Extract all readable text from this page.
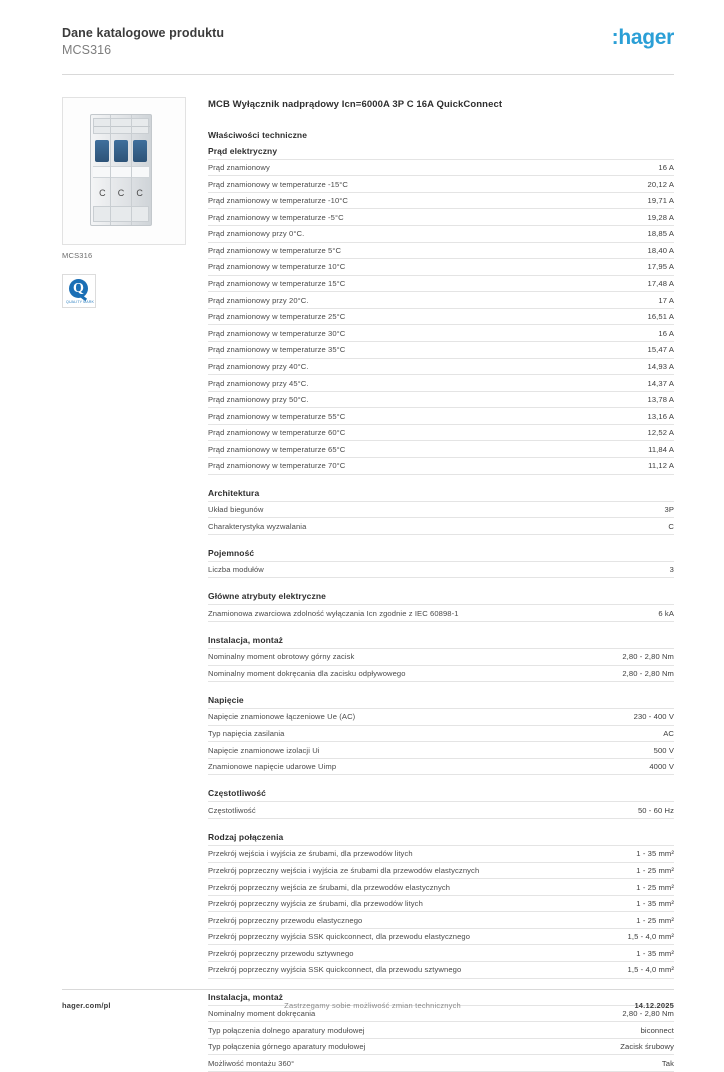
Dane katalogowe produktu
MCS316
:hager
C C C
MCS316
Q
QUALITY MARK
MCB Wyłącznik nadprądowy Icn=6000A 3P C 16A QuickConnect
Właściwości techniczne
Prąd elektryczny
Prąd znamionowy	16 A
Prąd znamionowy w temperaturze -15°C	20,12 A
Prąd znamionowy w temperaturze -10°C	19,71 A
Prąd znamionowy w temperaturze -5°C	19,28 A
Prąd znamionowy przy 0°C.	18,85 A
Prąd znamionowy w temperaturze 5°C	18,40 A
Prąd znamionowy w temperaturze 10°C	17,95 A
Prąd znamionowy w temperaturze 15°C	17,48 A
Prąd znamionowy przy 20°C.	17 A
Prąd znamionowy w temperaturze 25°C	16,51 A
Prąd znamionowy w temperaturze 30°C	16 A
Prąd znamionowy w temperaturze 35°C	15,47 A
Prąd znamionowy przy 40°C.	14,93 A
Prąd znamionowy przy 45°C.	14,37 A
Prąd znamionowy przy 50°C.	13,78 A
Prąd znamionowy w temperaturze 55°C	13,16 A
Prąd znamionowy w temperaturze 60°C	12,52 A
Prąd znamionowy w temperaturze 65°C	11,84 A
Prąd znamionowy w temperaturze 70°C	11,12 A
Architektura
Układ biegunów	3P
Charakterystyka wyzwalania	C
Pojemność
Liczba modułów	3
Główne atrybuty elektryczne
Znamionowa zwarciowa zdolność wyłączania Icn zgodnie z IEC 60898-1	6 kA
Instalacja, montaż
Nominalny moment obrotowy górny zacisk	2,80 - 2,80 Nm
Nominalny moment dokręcania dla zacisku odpływowego	2,80 - 2,80 Nm
Napięcie
Napięcie znamionowe łączeniowe Ue (AC)	230 - 400 V
Typ napięcia zasilania	AC
Napięcie znamionowe izolacji Ui	500 V
Znamionowe napięcie udarowe Uimp	4000 V
Częstotliwość
Częstotliwość	50 - 60 Hz
Rodzaj połączenia
Przekrój wejścia i wyjścia ze śrubami, dla przewodów litych	1 - 35 mm²
Przekrój poprzeczny wejścia i wyjścia ze śrubami dla przewodów elastycznych	1 - 25 mm²
Przekrój poprzeczny wejścia ze śrubami, dla przewodów elastycznych	1 - 25 mm²
Przekrój poprzeczny wyjścia ze śrubami, dla przewodów litych	1 - 35 mm²
Przekrój poprzeczny przewodu elastycznego	1 - 25 mm²
Przekrój poprzeczny wyjścia SSK quickconnect, dla przewodu elastycznego	1,5 - 4,0 mm²
Przekrój poprzeczny przewodu sztywnego	1 - 35 mm²
Przekrój poprzeczny wyjścia SSK quickconnect, dla przewodu sztywnego	1,5 - 4,0 mm²
Instalacja, montaż
Nominalny moment dokręcania	2,80 - 2,80 Nm
Typ połączenia dolnego aparatury modułowej	biconnect
Typ połączenia górnego aparatury modułowej	Zacisk śrubowy
Możliwość montażu 360°	Tak
hager.com/pl	Zastrzegamy sobie możliwość zmian technicznych	14.12.2025
